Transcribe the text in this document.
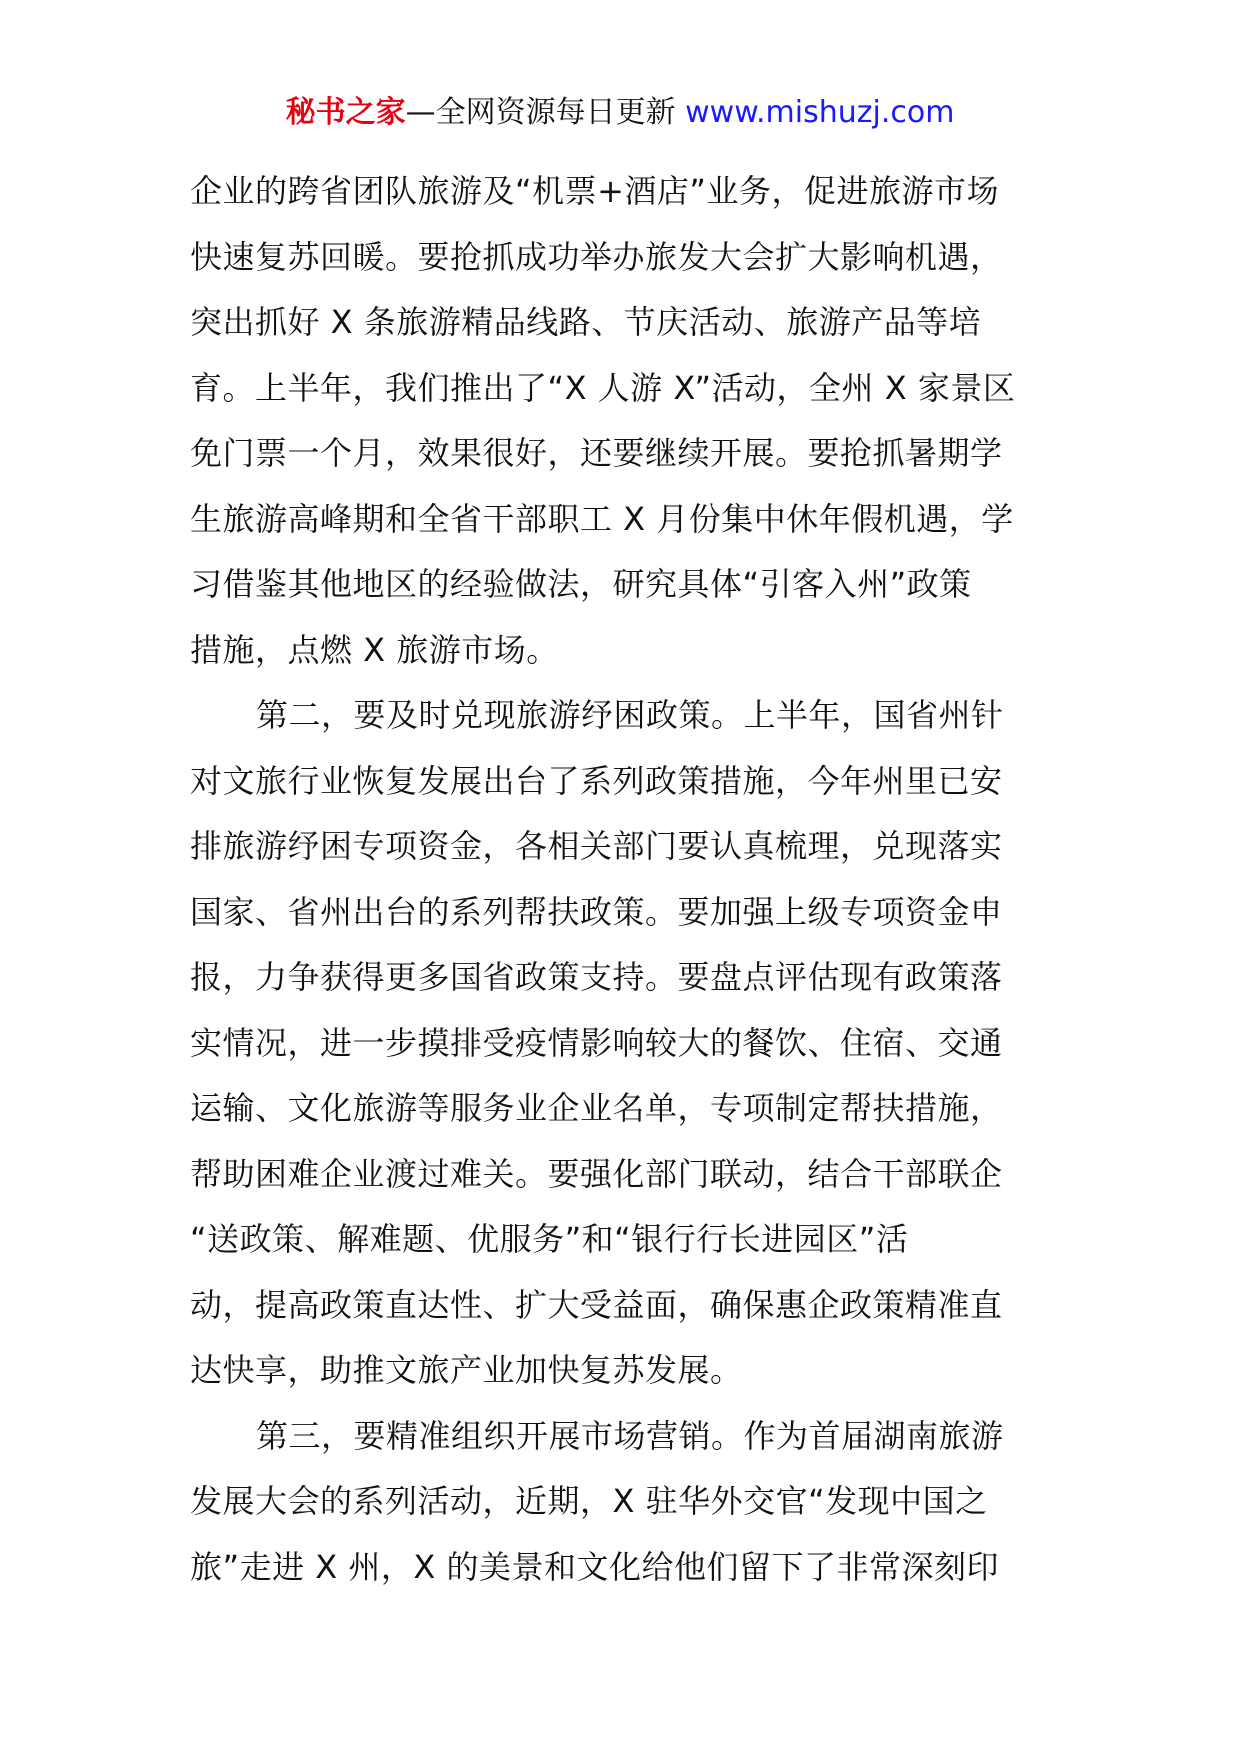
秘书之家—全网资源每日更新 www.mishuzj.com
企业的跨省团队旅游及“机票+酒店”业务，促进旅游市场
快速复苏回暖。要抢抓成功举办旅发大会扩大影响机遇，
突出抓好 X 条旅游精品线路、节庆活动、旅游产品等培
育。上半年，我们推出了“X 人游 X”活动，全州 X 家景区
免门票一个月，效果很好，还要继续开展。要抢抓暑期学
生旅游高峰期和全省干部职工 X 月份集中休年假机遇，学
习借鉴其他地区的经验做法，研究具体“引客入州”政策
措施，点燃 X 旅游市场。
第二，要及时兑现旅游纾困政策。上半年，国省州针
对文旅行业恢复发展出台了系列政策措施，今年州里已安
排旅游纾困专项资金，各相关部门要认真梳理，兑现落实
国家、省州出台的系列帮扶政策。要加强上级专项资金申
报，力争获得更多国省政策支持。要盘点评估现有政策落
实情况，进一步摸排受疫情影响较大的餐饮、住宿、交通
运输、文化旅游等服务业企业名单，专项制定帮扶措施，
帮助困难企业渡过难关。要强化部门联动，结合干部联企
“送政策、解难题、优服务”和“银行行长进园区”活
动，提高政策直达性、扩大受益面，确保惠企政策精准直
达快享，助推文旅产业加快复苏发展。
第三，要精准组织开展市场营销。作为首届湖南旅游
发展大会的系列活动，近期，X 驻华外交官“发现中国之
旅”走进 X 州，X 的美景和文化给他们留下了非常深刻印
